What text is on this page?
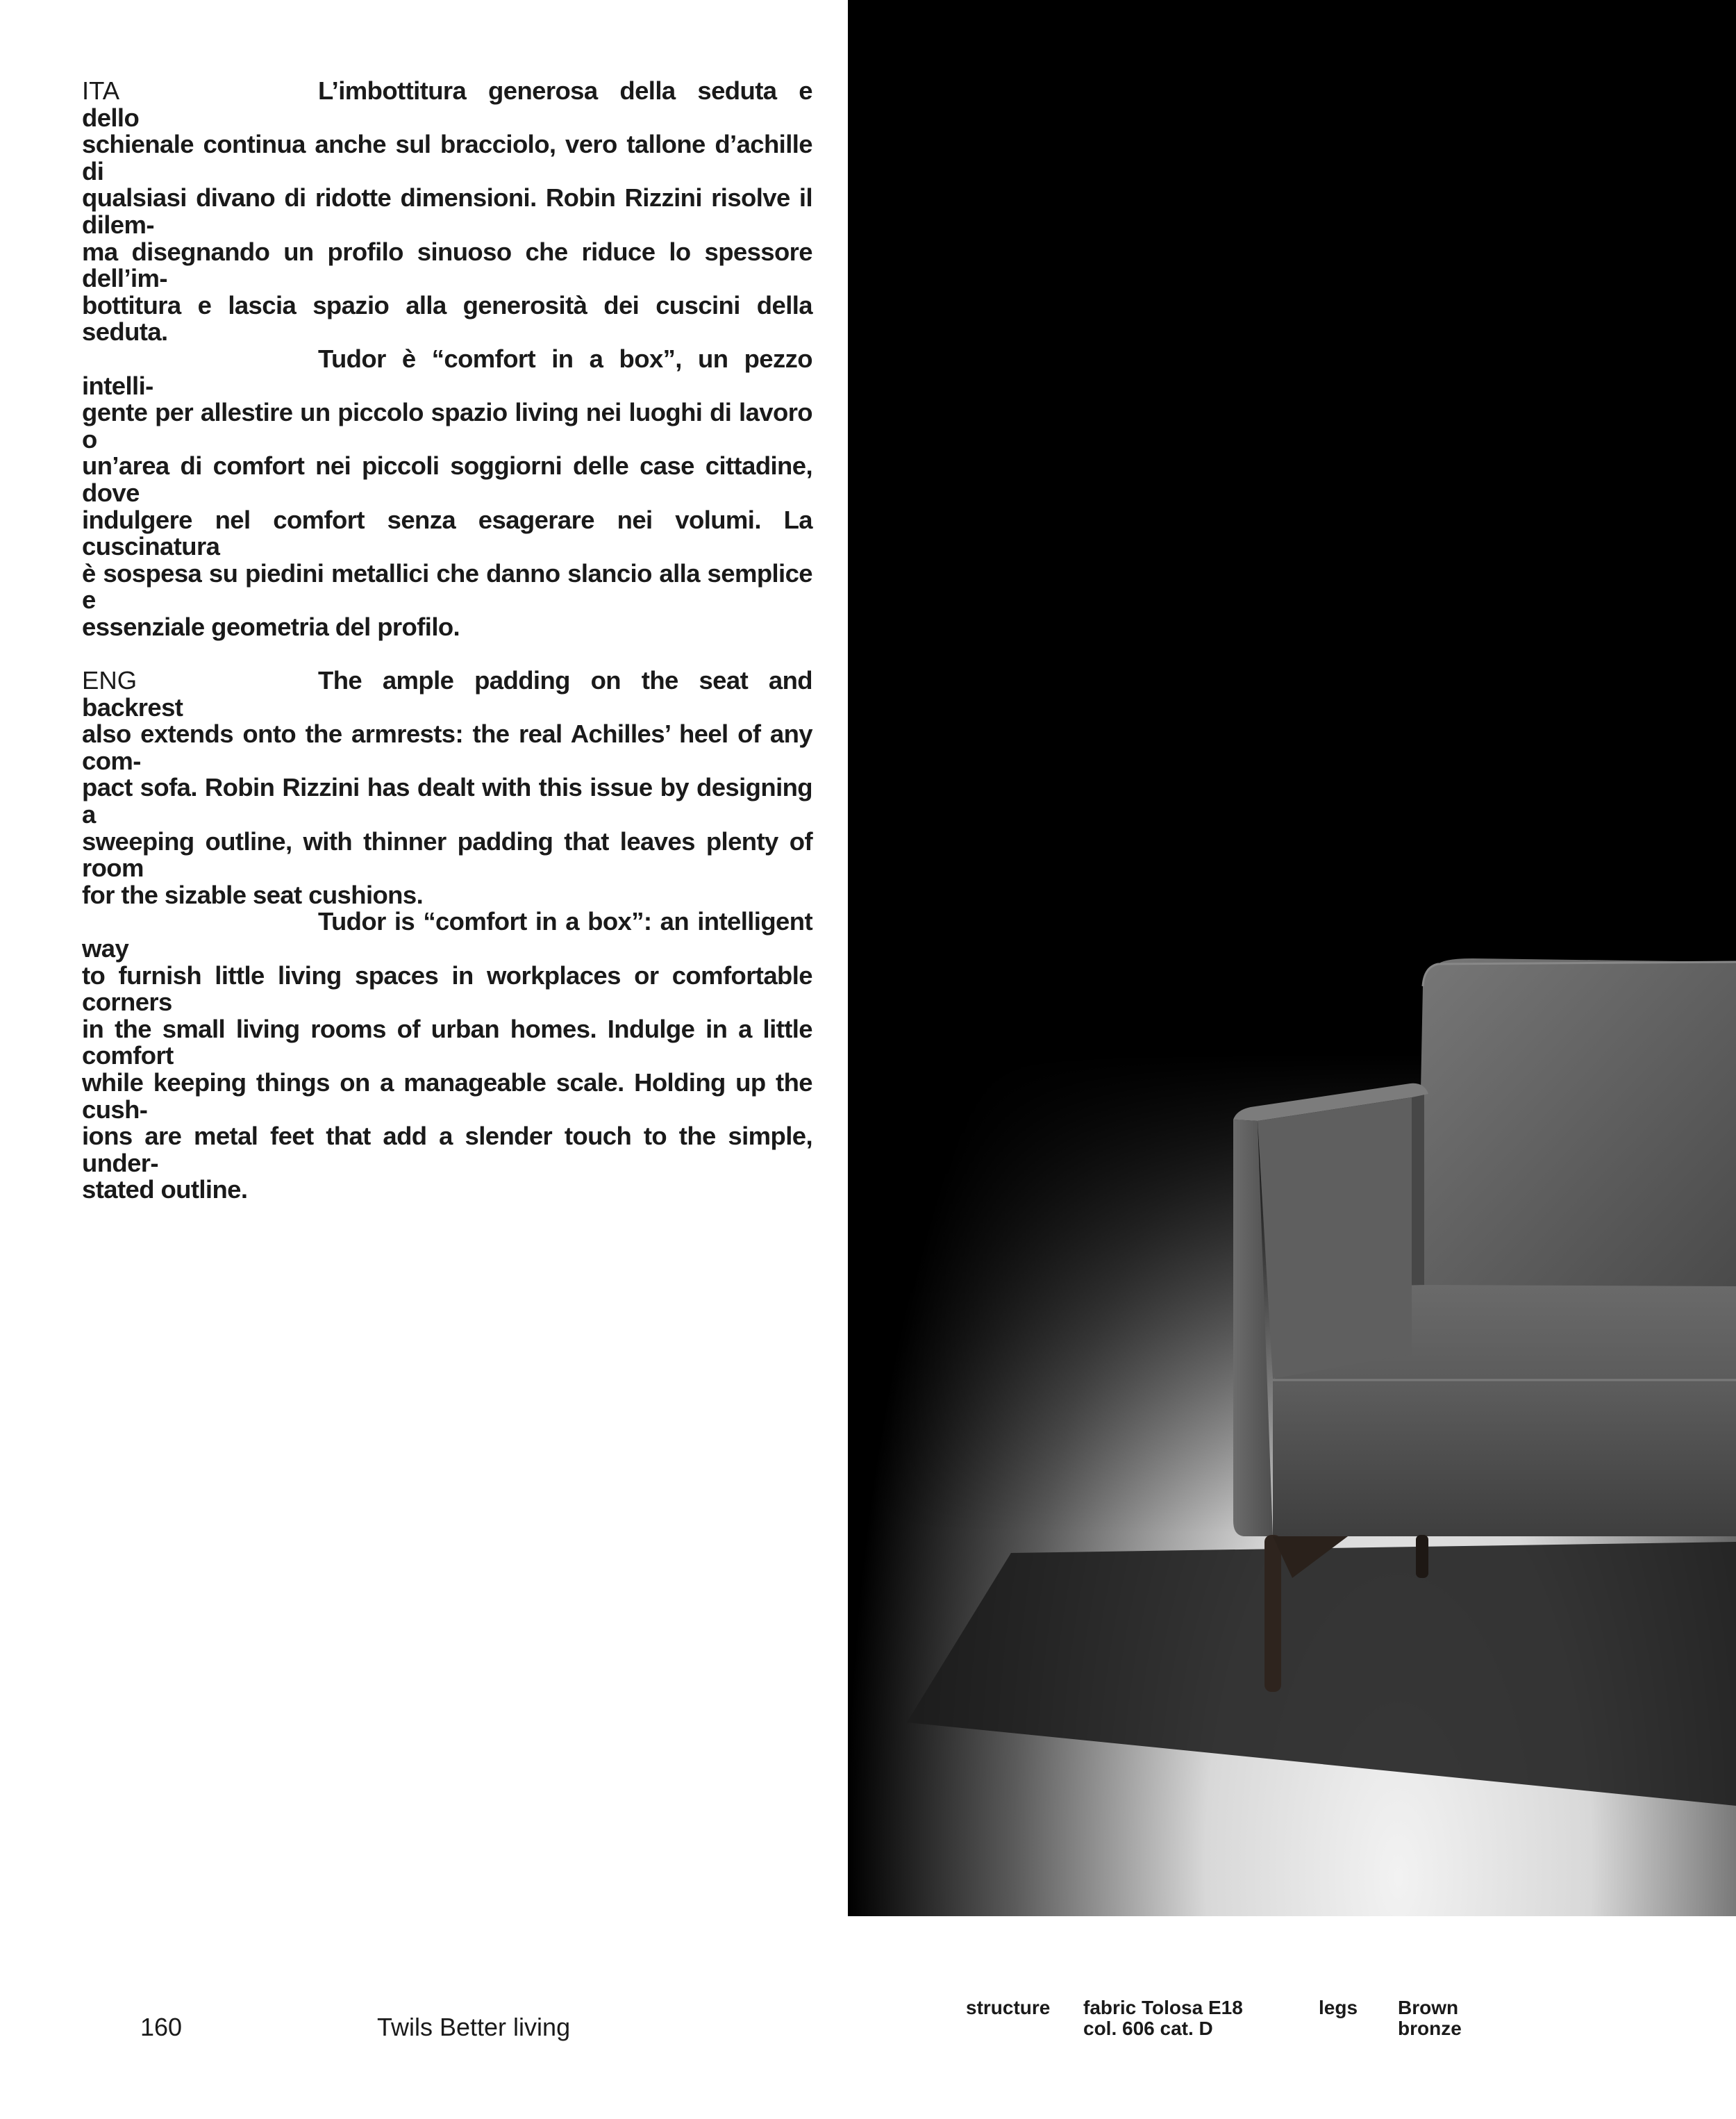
ITA	L’imbottitura generosa della seduta e dello
schienale continua anche sul bracciolo, vero tallone d’achille di
qualsiasi divano di ridotte dimensioni. Robin Rizzini risolve il dilem-
ma disegnando un profilo sinuoso che riduce lo spessore dell’im-
bottitura e lascia spazio alla generosità dei cuscini della seduta.
Tudor è “comfort in a box”, un pezzo intelli-
gente per allestire un piccolo spazio living nei luoghi di lavoro o
un’area di comfort nei piccoli soggiorni delle case cittadine, dove
indulgere nel comfort senza esagerare nei volumi. La cuscinatura
è sospesa su piedini metallici che danno slancio alla semplice e
essenziale geometria del profilo.
ENG	The ample padding on the seat and backrest
also extends onto the armrests: the real Achilles’ heel of any com-
pact sofa. Robin Rizzini has dealt with this issue by designing a
sweeping outline, with thinner padding that leaves plenty of room
for the sizable seat cushions.
Tudor is “comfort in a box”: an intelligent way
to furnish little living spaces in workplaces or comfortable corners
in the small living rooms of urban homes. Indulge in a little comfort
while keeping things on a manageable scale. Holding up the cush-
ions are metal feet that add a slender touch to the simple, under-
stated outline.
160	Twils Better living
structure fabric Tolosa E18
col. 606 cat. D
legs Brown
bronze
